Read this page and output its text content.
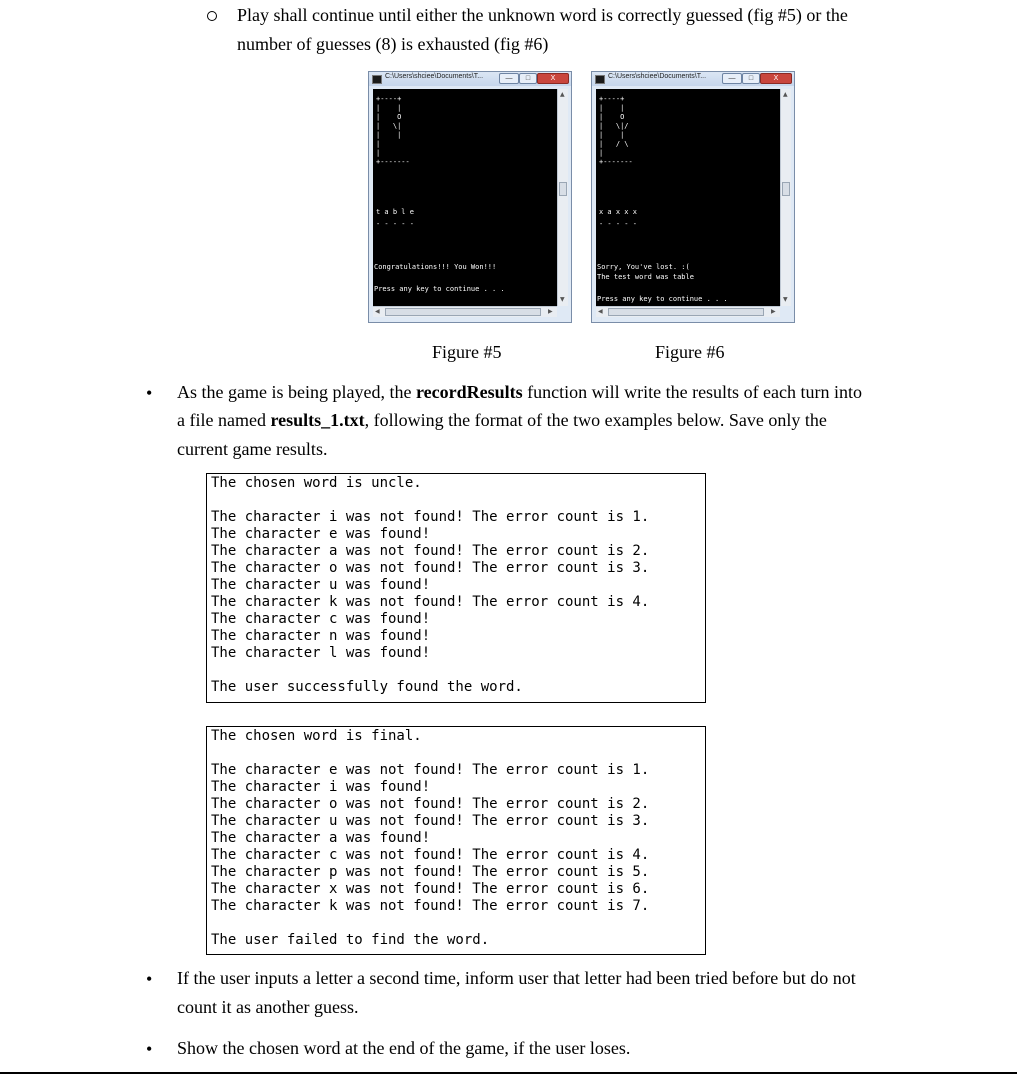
Play shall continue until either the unknown word is correctly guessed (fig #5) or the
number of guesses (8) is exhausted (fig #6)
C:\Users\shciee\Documents\T...	—	□	X
+----+
|    |
|    O
|   \|
|    |
|
|
+-------
t a b l e
- - - - -
Congratulations!!! You Won!!!
Press any key to continue . . .
▲
▼
◀	▶
C:\Users\shciee\Documents\T...	—	□	X
+----+
|    |
|    O
|   \|/
|    |
|   / \
|
+-------
x a x x x
- - - - -
Sorry, You've lost. :(
The test word was table
Press any key to continue . . .
▲
▼
◀	▶
Figure #5	Figure #6
• As the game is being played, the recordResults function will write the results of each turn into
a file named results_1.txt, following the format of the two examples below. Save only the
current game results.
The chosen word is uncle.
The character i was not found! The error count is 1.
The character e was found!
The character a was not found! The error count is 2.
The character o was not found! The error count is 3.
The character u was found!
The character k was not found! The error count is 4.
The character c was found!
The character n was found!
The character l was found!
The user successfully found the word.
The chosen word is final.
The character e was not found! The error count is 1.
The character i was found!
The character o was not found! The error count is 2.
The character u was not found! The error count is 3.
The character a was found!
The character c was not found! The error count is 4.
The character p was not found! The error count is 5.
The character x was not found! The error count is 6.
The character k was not found! The error count is 7.
The user failed to find the word.
• If the user inputs a letter a second time, inform user that letter had been tried before but do not
count it as another guess.
• Show the chosen word at the end of the game, if the user loses.
